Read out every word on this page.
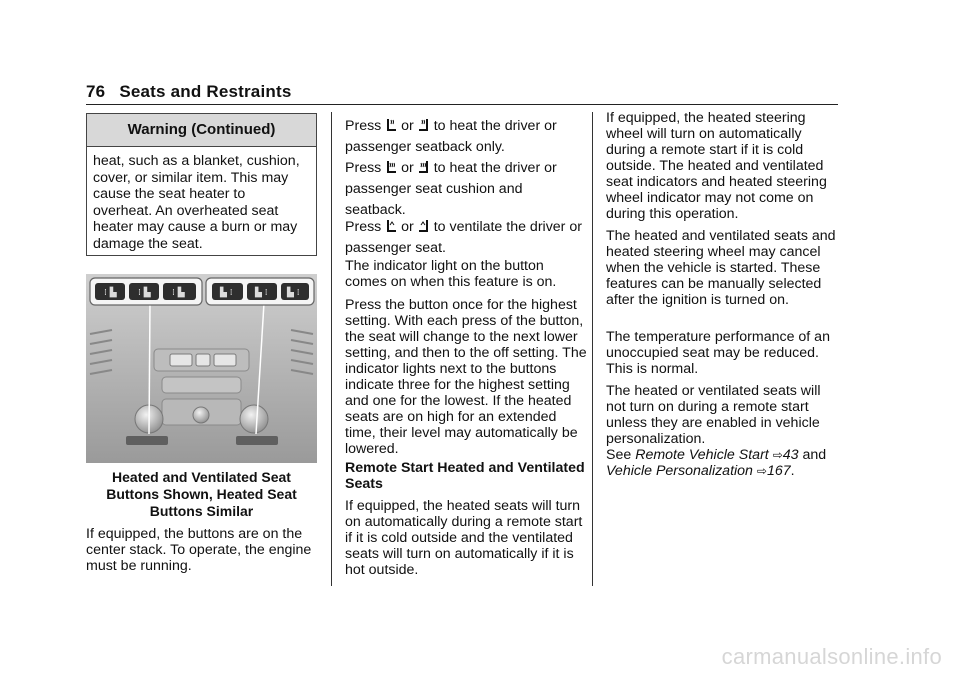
76 Seats and Restraints
Warning (Continued)
heat, such as a blanket, cushion, cover, or similar item. This may cause the seat heater to overheat. An overheated seat heater may cause a burn or may damage the seat.
⁞ ▙ ⁞ ▙ ⁞ ▙	▙ ⁞ ▙ ⁞ ▙ ⁞
Heated and Ventilated Seat Buttons Shown, Heated Seat Buttons Similar
If equipped, the buttons are on the center stack. To operate, the engine must be running.
Press or to heat the driver or passenger seatback only.
Press or to heat the driver or passenger seat cushion and seatback.
Press or to ventilate the driver or passenger seat.
The indicator light on the button comes on when this feature is on.
Press the button once for the highest setting. With each press of the button, the seat will change to the next lower setting, and then to the off setting. The indicator lights next to the buttons indicate three for the highest setting and one for the lowest. If the heated seats are on high for an extended time, their level may automatically be lowered.
Remote Start Heated and Ventilated Seats
If equipped, the heated seats will turn on automatically during a remote start if it is cold outside and the ventilated seats will turn on automatically if it is hot outside.
If equipped, the heated steering wheel will turn on automatically during a remote start if it is cold outside. The heated and ventilated seat indicators and heated steering wheel indicator may not come on during this operation.
The heated and ventilated seats and heated steering wheel may cancel when the vehicle is started. These features can be manually selected after the ignition is turned on.
The temperature performance of an unoccupied seat may be reduced. This is normal.
The heated or ventilated seats will not turn on during a remote start unless they are enabled in vehicle personalization.
See Remote Vehicle Start ⇨43 and
Vehicle Personalization ⇨167.
carmanualsonline.info
